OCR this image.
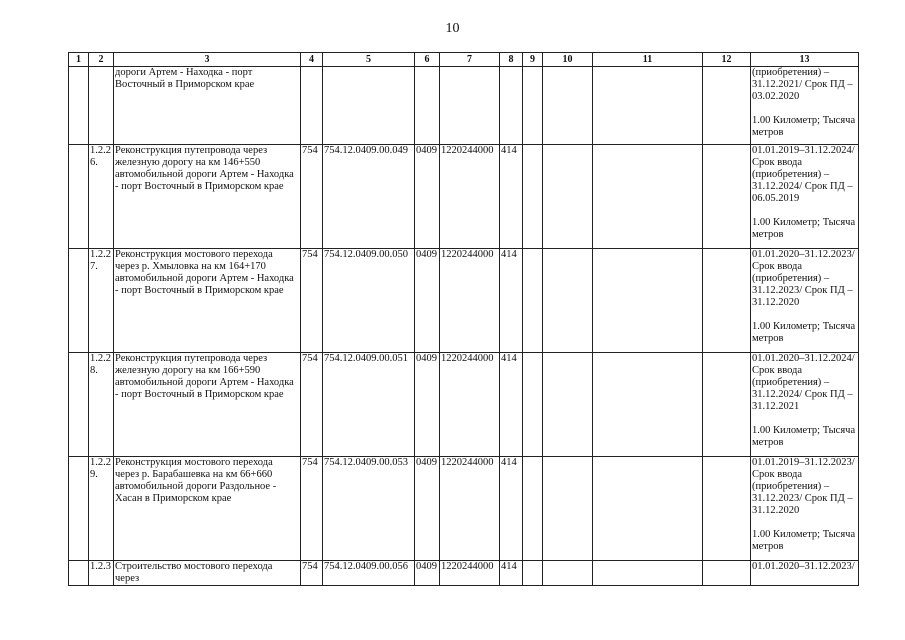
10
1	2	3	4	5	6	7	8	9	10	11	12	13
		дороги Артем - Находка - порт Восточный в Приморском крае										(приобретения) – 31.12.2021/ Срок ПД – 03.02.2020
1.00 Километр; Тысяча метров

	1.2.2 6.	Реконструкция путепровода через железную дорогу на км 146+550 автомобильной дороги Артем - Находка - порт Восточный в Приморском крае	754	754.12.0409.00.049	0409	1220244000	414					01.01.2019–31.12.2024/ Срок ввода (приобретения) – 31.12.2024/ Срок ПД – 06.05.2019
1.00 Километр; Тысяча метров

	1.2.2 7.	Реконструкция мостового перехода через р. Хмыловка на км 164+170 автомобильной дороги Артем - Находка - порт Восточный в Приморском крае	754	754.12.0409.00.050	0409	1220244000	414					01.01.2020–31.12.2023/ Срок ввода (приобретения) – 31.12.2023/ Срок ПД – 31.12.2020
1.00 Километр; Тысяча метров

	1.2.2 8.	Реконструкция путепровода через железную дорогу на км 166+590 автомобильной дороги Артем - Находка - порт Восточный в Приморском крае	754	754.12.0409.00.051	0409	1220244000	414					01.01.2020–31.12.2024/ Срок ввода (приобретения) – 31.12.2024/ Срок ПД – 31.12.2021
1.00 Километр; Тысяча метров

	1.2.2 9.	Реконструкция мостового перехода через р. Барабашевка на км 66+660 автомобильной дороги Раздольное - Хасан в Приморском крае	754	754.12.0409.00.053	0409	1220244000	414					01.01.2019–31.12.2023/ Срок ввода (приобретения) – 31.12.2023/ Срок ПД – 31.12.2020
1.00 Километр; Тысяча метров

	1.2.3	Строительство мостового перехода через	754	754.12.0409.00.056	0409	1220244000	414					01.01.2020–31.12.2023/
